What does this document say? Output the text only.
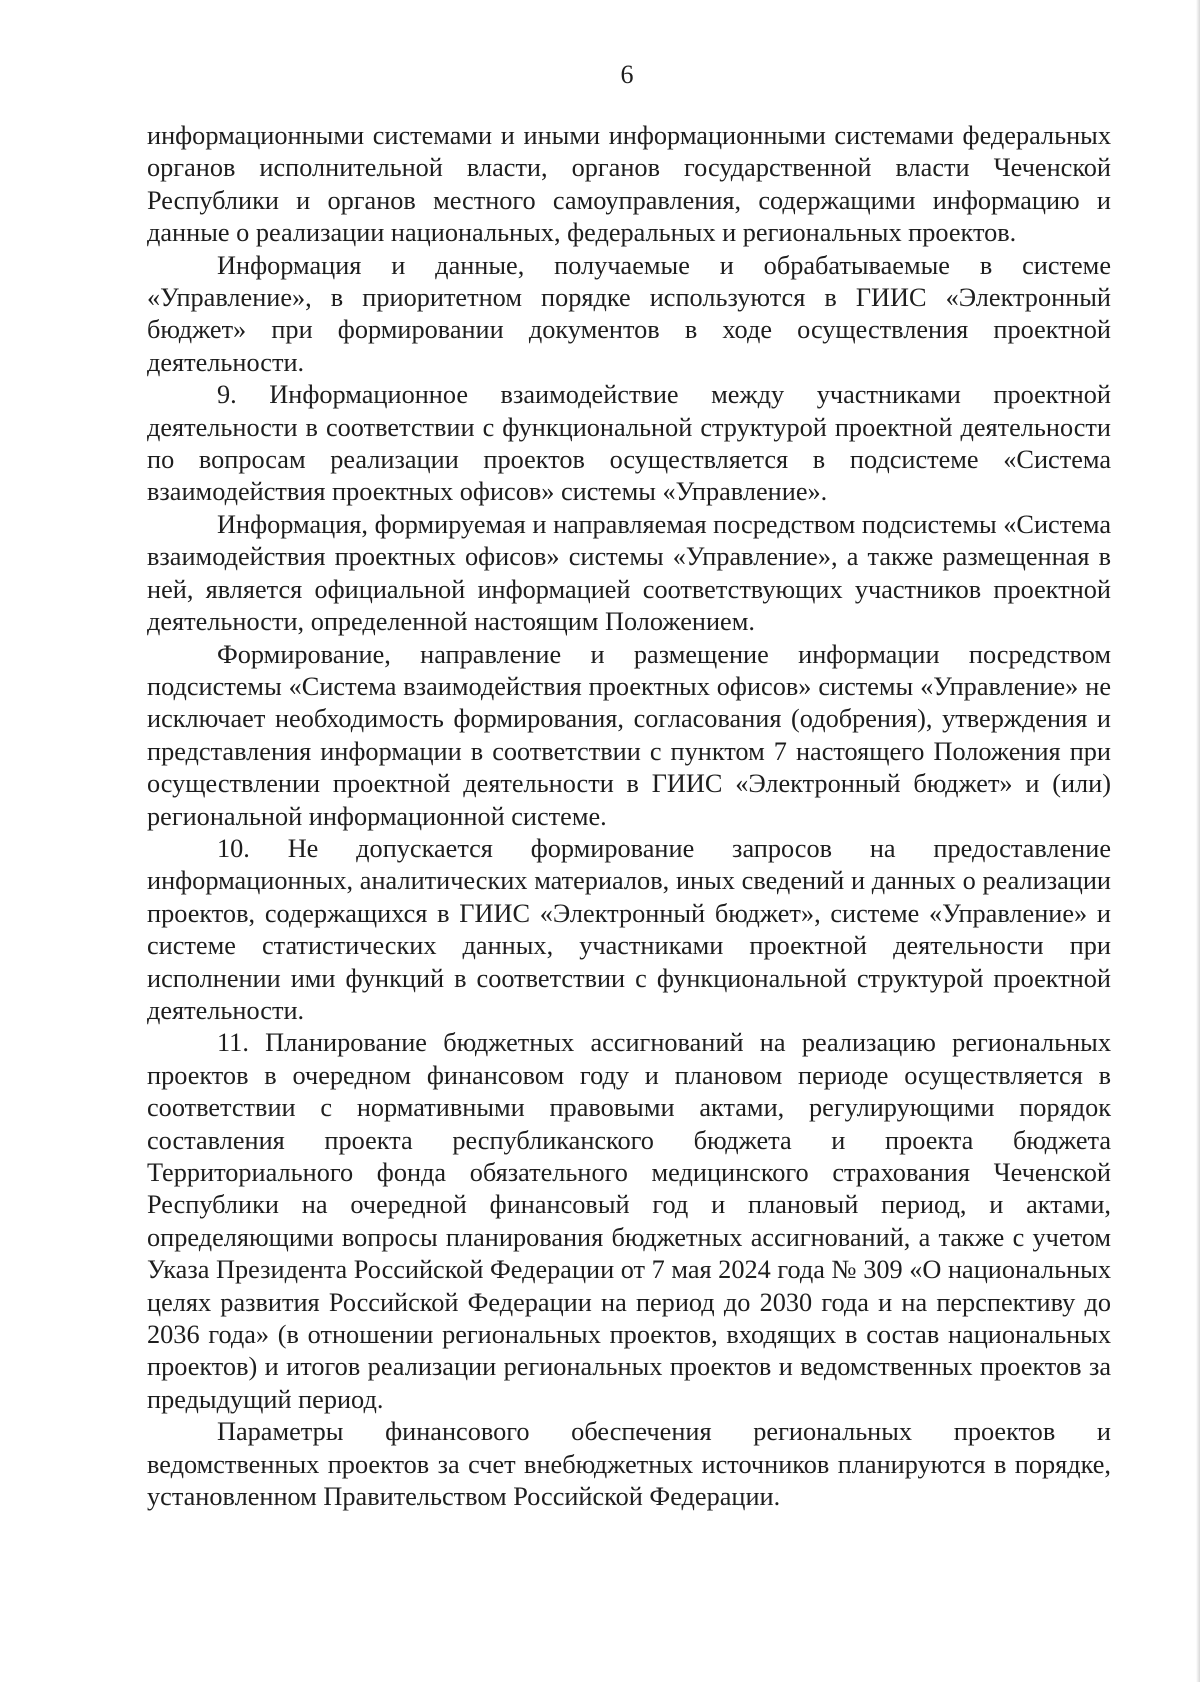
6

информационными системами и иными информационными системами федеральных органов исполнительной власти, органов государственной власти Чеченской Республики и органов местного самоуправления, содержащими информацию и данные о реализации национальных, федеральных и региональных проектов.

Информация и данные, получаемые и обрабатываемые в системе «Управление», в приоритетном порядке используются в ГИИС «Электронный бюджет» при формировании документов в ходе осуществления проектной деятельности.

9. Информационное взаимодействие между участниками проектной деятельности в соответствии с функциональной структурой проектной деятельности по вопросам реализации проектов осуществляется в подсистеме «Система взаимодействия проектных офисов» системы «Управление».

Информация, формируемая и направляемая посредством подсистемы «Система взаимодействия проектных офисов» системы «Управление», а также размещенная в ней, является официальной информацией соответствующих участников проектной деятельности, определенной настоящим Положением.

Формирование, направление и размещение информации посредством подсистемы «Система взаимодействия проектных офисов» системы «Управление» не исключает необходимость формирования, согласования (одобрения), утверждения и представления информации в соответствии с пунктом 7 настоящего Положения при осуществлении проектной деятельности в ГИИС «Электронный бюджет» и (или) региональной информационной системе.

10. Не допускается формирование запросов на предоставление информационных, аналитических материалов, иных сведений и данных о реализации проектов, содержащихся в ГИИС «Электронный бюджет», системе «Управление» и системе статистических данных, участниками проектной деятельности при исполнении ими функций в соответствии с функциональной структурой проектной деятельности.

11. Планирование бюджетных ассигнований на реализацию региональных проектов в очередном финансовом году и плановом периоде осуществляется в соответствии с нормативными правовыми актами, регулирующими порядок составления проекта республиканского бюджета и проекта бюджета Территориального фонда обязательного медицинского страхования Чеченской Республики на очередной финансовый год и плановый период, и актами, определяющими вопросы планирования бюджетных ассигнований, а также с учетом Указа Президента Российской Федерации от 7 мая 2024 года № 309 «О национальных целях развития Российской Федерации на период до 2030 года и на перспективу до 2036 года» (в отношении региональных проектов, входящих в состав национальных проектов) и итогов реализации региональных проектов и ведомственных проектов за предыдущий период.

Параметры финансового обеспечения региональных проектов и ведомственных проектов за счет внебюджетных источников планируются в порядке, установленном Правительством Российской Федерации.
